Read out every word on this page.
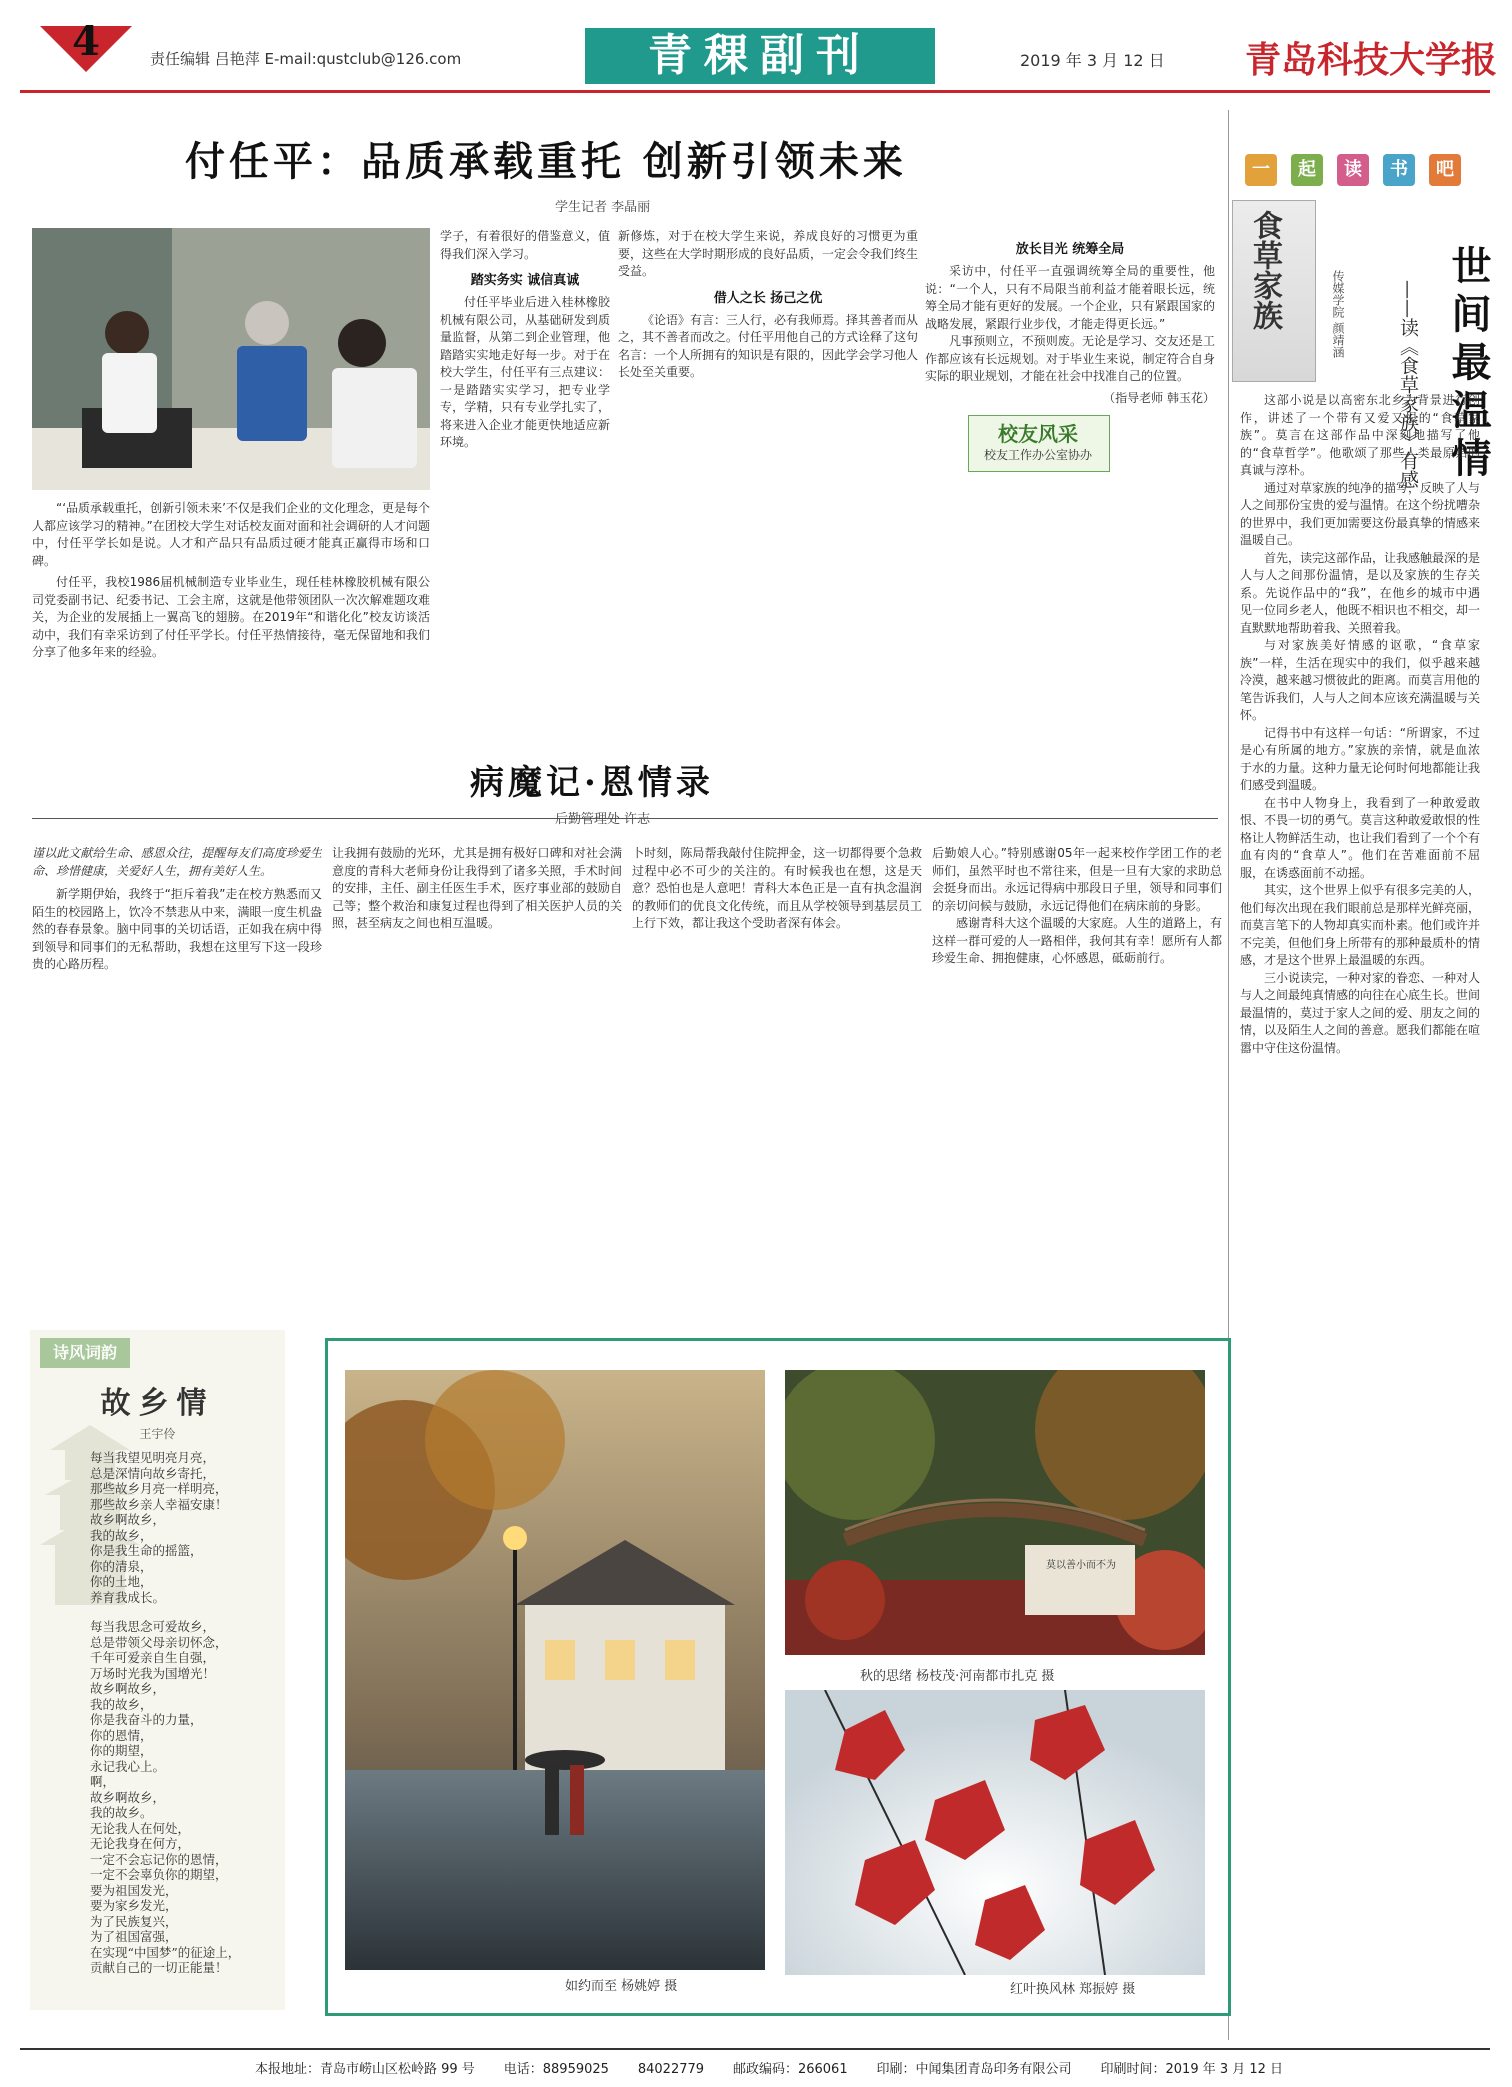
4	责任编辑 吕艳萍 E-mail:qustclub@126.com	青稞副刊	2019 年 3 月 12 日 青岛科技大学报
付任平：品质承载重托 创新引领未来
学生记者 李晶丽

“‘品质承载重托，创新引领未来’不仅是我们企业的文化理念，更是每个人都应该学习的精神。”在团校大学生对话校友面对面和社会调研的人才问题中，付任平学长如是说。人才和产品只有品质过硬才能真正赢得市场和口碑。

付任平，我校1986届机械制造专业毕业生，现任桂林橡胶机械有限公司党委副书记、纪委书记、工会主席，这就是他带领团队一次次解难题攻难关，为企业的发展插上一翼高飞的翅膀。在2019年“和谐化化”校友访谈活动中，我们有幸采访到了付任平学长。付任平热情接待，毫无保留地和我们分享了他多年来的经验。

学子，有着很好的借鉴意义，值得我们深入学习。

踏实务实 诚信真诚

付任平毕业后进入桂林橡胶机械有限公司，从基础研发到质量监督，从第二到企业管理，他踏踏实实地走好每一步。对于在校大学生，付任平有三点建议：一是踏踏实实学习，把专业学专，学精，只有专业学扎实了，将来进入企业才能更快地适应新环境。

新修炼，对于在校大学生来说，养成良好的习惯更为重要，这些在大学时期形成的良好品质，一定会令我们终生受益。

借人之长 扬己之优

《论语》有言：三人行，必有我师焉。择其善者而从之，其不善者而改之。付任平用他自己的方式诠释了这句名言：一个人所拥有的知识是有限的，因此学会学习他人长处至关重要。

放长目光 统筹全局

采访中，付任平一直强调统筹全局的重要性，他说：“一个人，只有不局限当前利益才能着眼长远，统筹全局才能有更好的发展。一个企业，只有紧跟国家的战略发展，紧跟行业步伐，才能走得更长远。”

凡事预则立，不预则废。无论是学习、交友还是工作都应该有长远规划。对于毕业生来说，制定符合自身实际的职业规划，才能在社会中找准自己的位置。

（指导老师 韩玉花）

校友风采
校友工作办公室协办
病魔记·恩情录
后勤管理处 许志

谨以此文献给生命、感恩众往，提醒每友们高度珍爱生命、珍惜健康，关爱好人生，拥有美好人生。

新学期伊始，我终于“拒斥着我”走在校方熟悉而又陌生的校园路上，饮冷不禁悲从中来，满眼一度生机盎然的春春景象。脑中同事的关切话语，正如我在病中得到领导和同事们的无私帮助，我想在这里写下这一段珍贵的心路历程。

让我拥有鼓励的光环，尤其是拥有极好口碑和对社会满意度的青科大老师身份让我得到了诸多关照，手术时间的安排，主任、副主任医生手术，医疗事业部的鼓励自己等；整个救治和康复过程也得到了相关医护人员的关照，甚至病友之间也相互温暖。

卜时刻，陈局帮我敲付住院押金，这一切都得要个急救过程中必不可少的关注的。有时候我也在想，这是天意？恐怕也是人意吧！青科大本色正是一直有执念温润的教师们的优良文化传统，而且从学校领导到基层员工上行下效，都让我这个受助者深有体会。

后勤娘人心。”特别感谢05年一起来校作学团工作的老师们，虽然平时也不常往来，但是一旦有大家的求助总会挺身而出。永远记得病中那段日子里，领导和同事们的亲切问候与鼓励，永远记得他们在病床前的身影。

感谢青科大这个温暖的大家庭。人生的道路上，有这样一群可爱的人一路相伴，我何其有幸！愿所有人都珍爱生命、拥抱健康，心怀感恩，砥砺前行。

一	起	读	书	吧
食草家族	传媒学院 颜靖涵	——读《食草家族》有感 世间最温情

这部小说是以高密东北乡为背景进行创作，讲述了一个带有又爱又恨的“食草家族”。莫言在这部作品中深刻地描写了他的“食草哲学”。他歌颂了那些人类最原始的真诚与淳朴。

通过对草家族的纯净的描写，反映了人与人之间那份宝贵的爱与温情。在这个纷扰嘈杂的世界中，我们更加需要这份最真挚的情感来温暖自己。

首先，读完这部作品，让我感触最深的是人与人之间那份温情，是以及家族的生存关系。先说作品中的“我”，在他乡的城市中遇见一位同乡老人，他既不相识也不相交，却一直默默地帮助着我、关照着我。

与对家族美好情感的讴歌，“食草家族”一样，生活在现实中的我们，似乎越来越冷漠，越来越习惯彼此的距离。而莫言用他的笔告诉我们，人与人之间本应该充满温暖与关怀。

记得书中有这样一句话：“所谓家，不过是心有所属的地方。”家族的亲情，就是血浓于水的力量。这种力量无论何时何地都能让我们感受到温暖。

在书中人物身上，我看到了一种敢爱敢恨、不畏一切的勇气。莫言这种敢爱敢恨的性格让人物鲜活生动，也让我们看到了一个个有血有肉的“食草人”。他们在苦难面前不屈服，在诱惑面前不动摇。

其实，这个世界上似乎有很多完美的人，他们每次出现在我们眼前总是那样光鲜亮丽，而莫言笔下的人物却真实而朴素。他们或许并不完美，但他们身上所带有的那种最质朴的情感，才是这个世界上最温暖的东西。

三小说读完，一种对家的眷恋、一种对人与人之间最纯真情感的向往在心底生长。世间最温情的，莫过于家人之间的爱、朋友之间的情，以及陌生人之间的善意。愿我们都能在喧嚣中守住这份温情。

诗风词韵
故乡情
王宇伶
每当我望见明亮月亮，
总是深情向故乡寄托，
那些故乡月亮一样明亮，
那些故乡亲人幸福安康！
故乡啊故乡，
我的故乡，
你是我生命的摇篮，
你的清泉，
你的土地，
养育我成长。
每当我思念可爱故乡，
总是带领父母亲切怀念，
千年可爱亲自生自强，
万场时光我为国增光！
故乡啊故乡，
我的故乡，
你是我奋斗的力量，
你的恩情，
你的期望，
永记我心上。
啊，
故乡啊故乡，
我的故乡。
无论我人在何处，
无论我身在何方，
一定不会忘记你的恩情，
一定不会辜负你的期望，
要为祖国发光，
要为家乡发光，
为了民族复兴，
为了祖国富强，
在实现“中国梦”的征途上，
贡献自己的一切正能量！
如约而至 杨姚婷 摄
莫以善小而不为
秋的思绪 杨枝茂·河南都市扎克 摄
红叶换风林 郑振婷 摄
本报地址：青岛市崂山区松岭路 99 号 电话：88959025 84022779 邮政编码：266061 印刷：中闻集团青岛印务有限公司 印刷时间：2019 年 3 月 12 日
